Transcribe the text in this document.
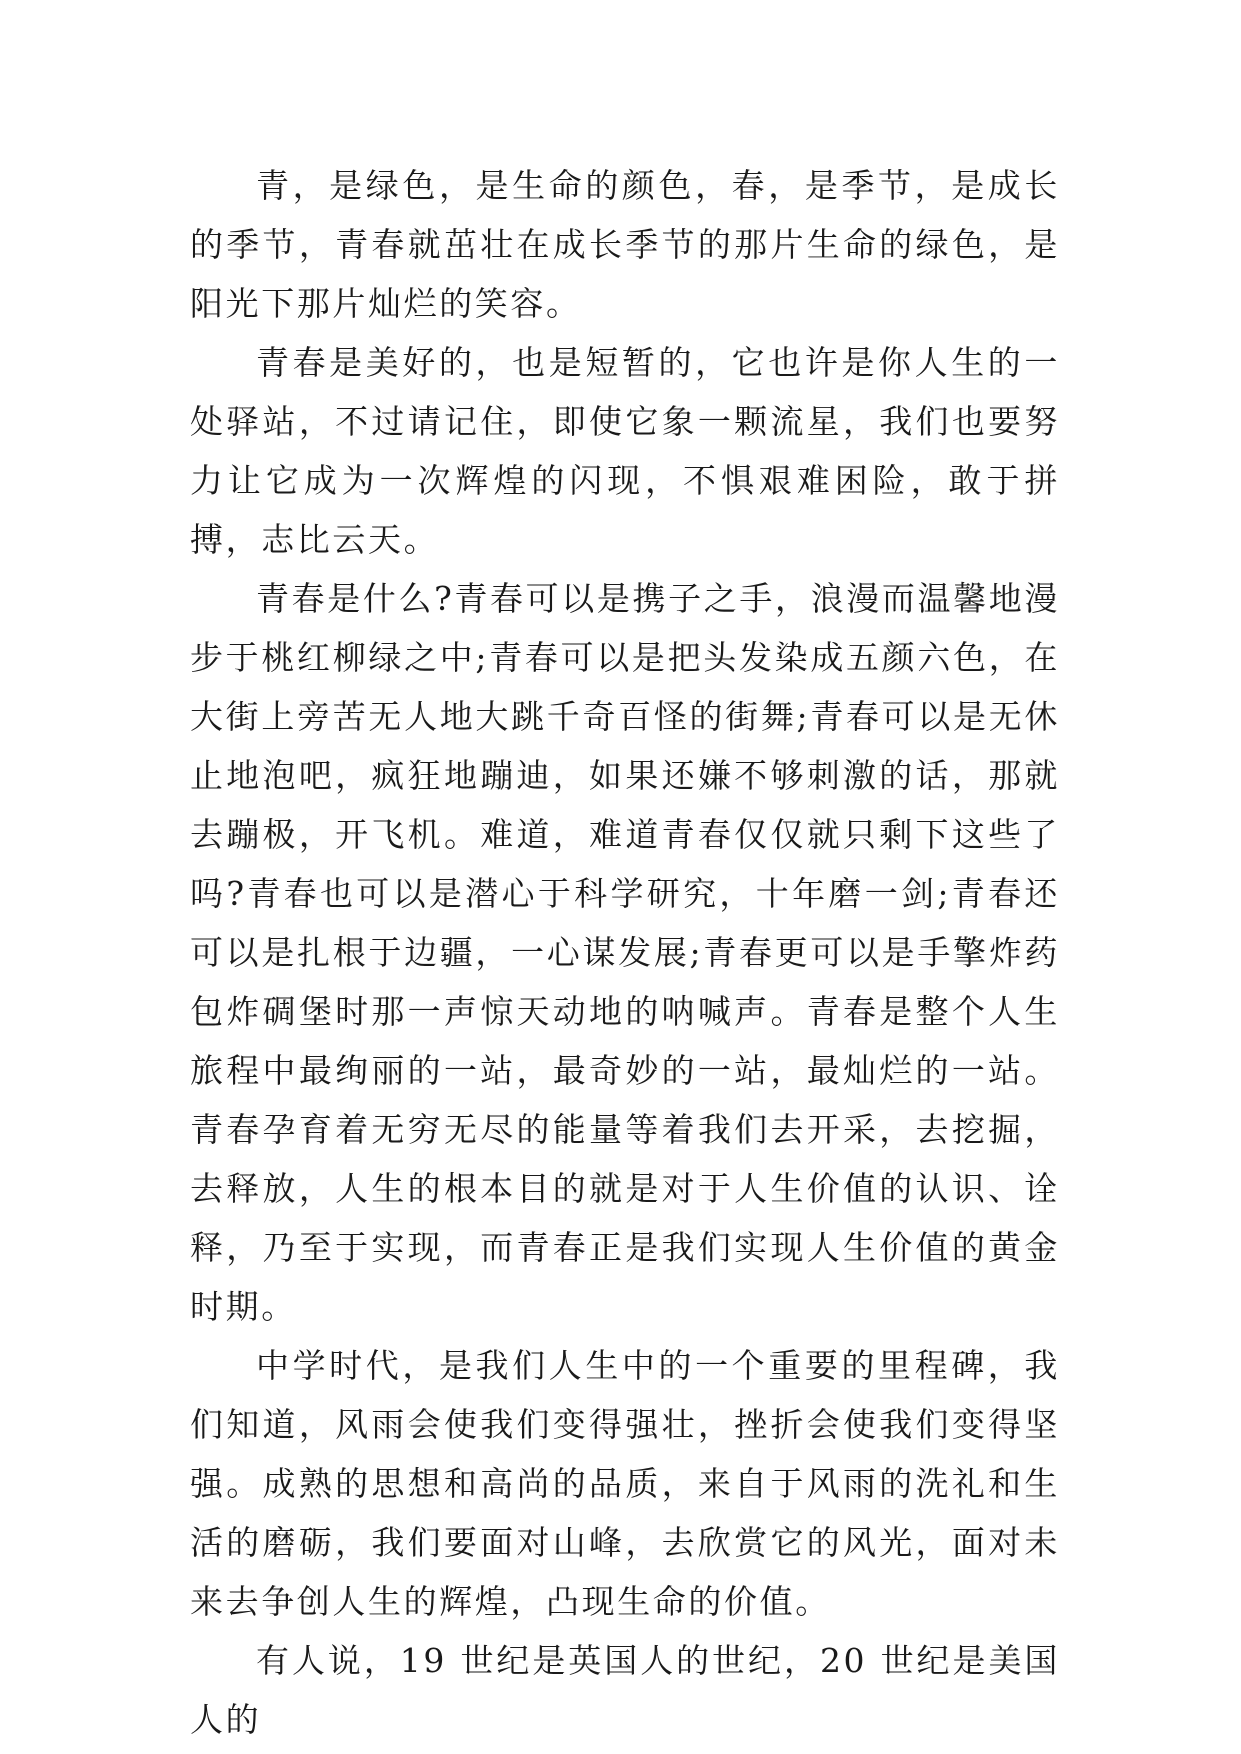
青，是绿色，是生命的颜色，春，是季节，是成长的季节，青春就茁壮在成长季节的那片生命的绿色，是阳光下那片灿烂的笑容。

青春是美好的，也是短暂的，它也许是你人生的一处驿站，不过请记住，即使它象一颗流星，我们也要努力让它成为一次辉煌的闪现，不惧艰难困险，敢于拼搏，志比云天。

青春是什么?青春可以是携子之手，浪漫而温馨地漫步于桃红柳绿之中;青春可以是把头发染成五颜六色，在大街上旁苦无人地大跳千奇百怪的街舞;青春可以是无休止地泡吧，疯狂地蹦迪，如果还嫌不够刺激的话，那就去蹦极，开飞机。难道，难道青春仅仅就只剩下这些了吗?青春也可以是潜心于科学研究，十年磨一剑;青春还可以是扎根于边疆，一心谋发展;青春更可以是手擎炸药包炸碉堡时那一声惊天动地的呐喊声。青春是整个人生旅程中最绚丽的一站，最奇妙的一站，最灿烂的一站。青春孕育着无穷无尽的能量等着我们去开采，去挖掘，去释放，人生的根本目的就是对于人生价值的认识、诠释，乃至于实现，而青春正是我们实现人生价值的黄金时期。

中学时代，是我们人生中的一个重要的里程碑，我们知道，风雨会使我们变得强壮，挫折会使我们变得坚强。成熟的思想和高尚的品质，来自于风雨的洗礼和生活的磨砺，我们要面对山峰，去欣赏它的风光，面对未来去争创人生的辉煌，凸现生命的价值。

有人说，19 世纪是英国人的世纪，20 世纪是美国人的
